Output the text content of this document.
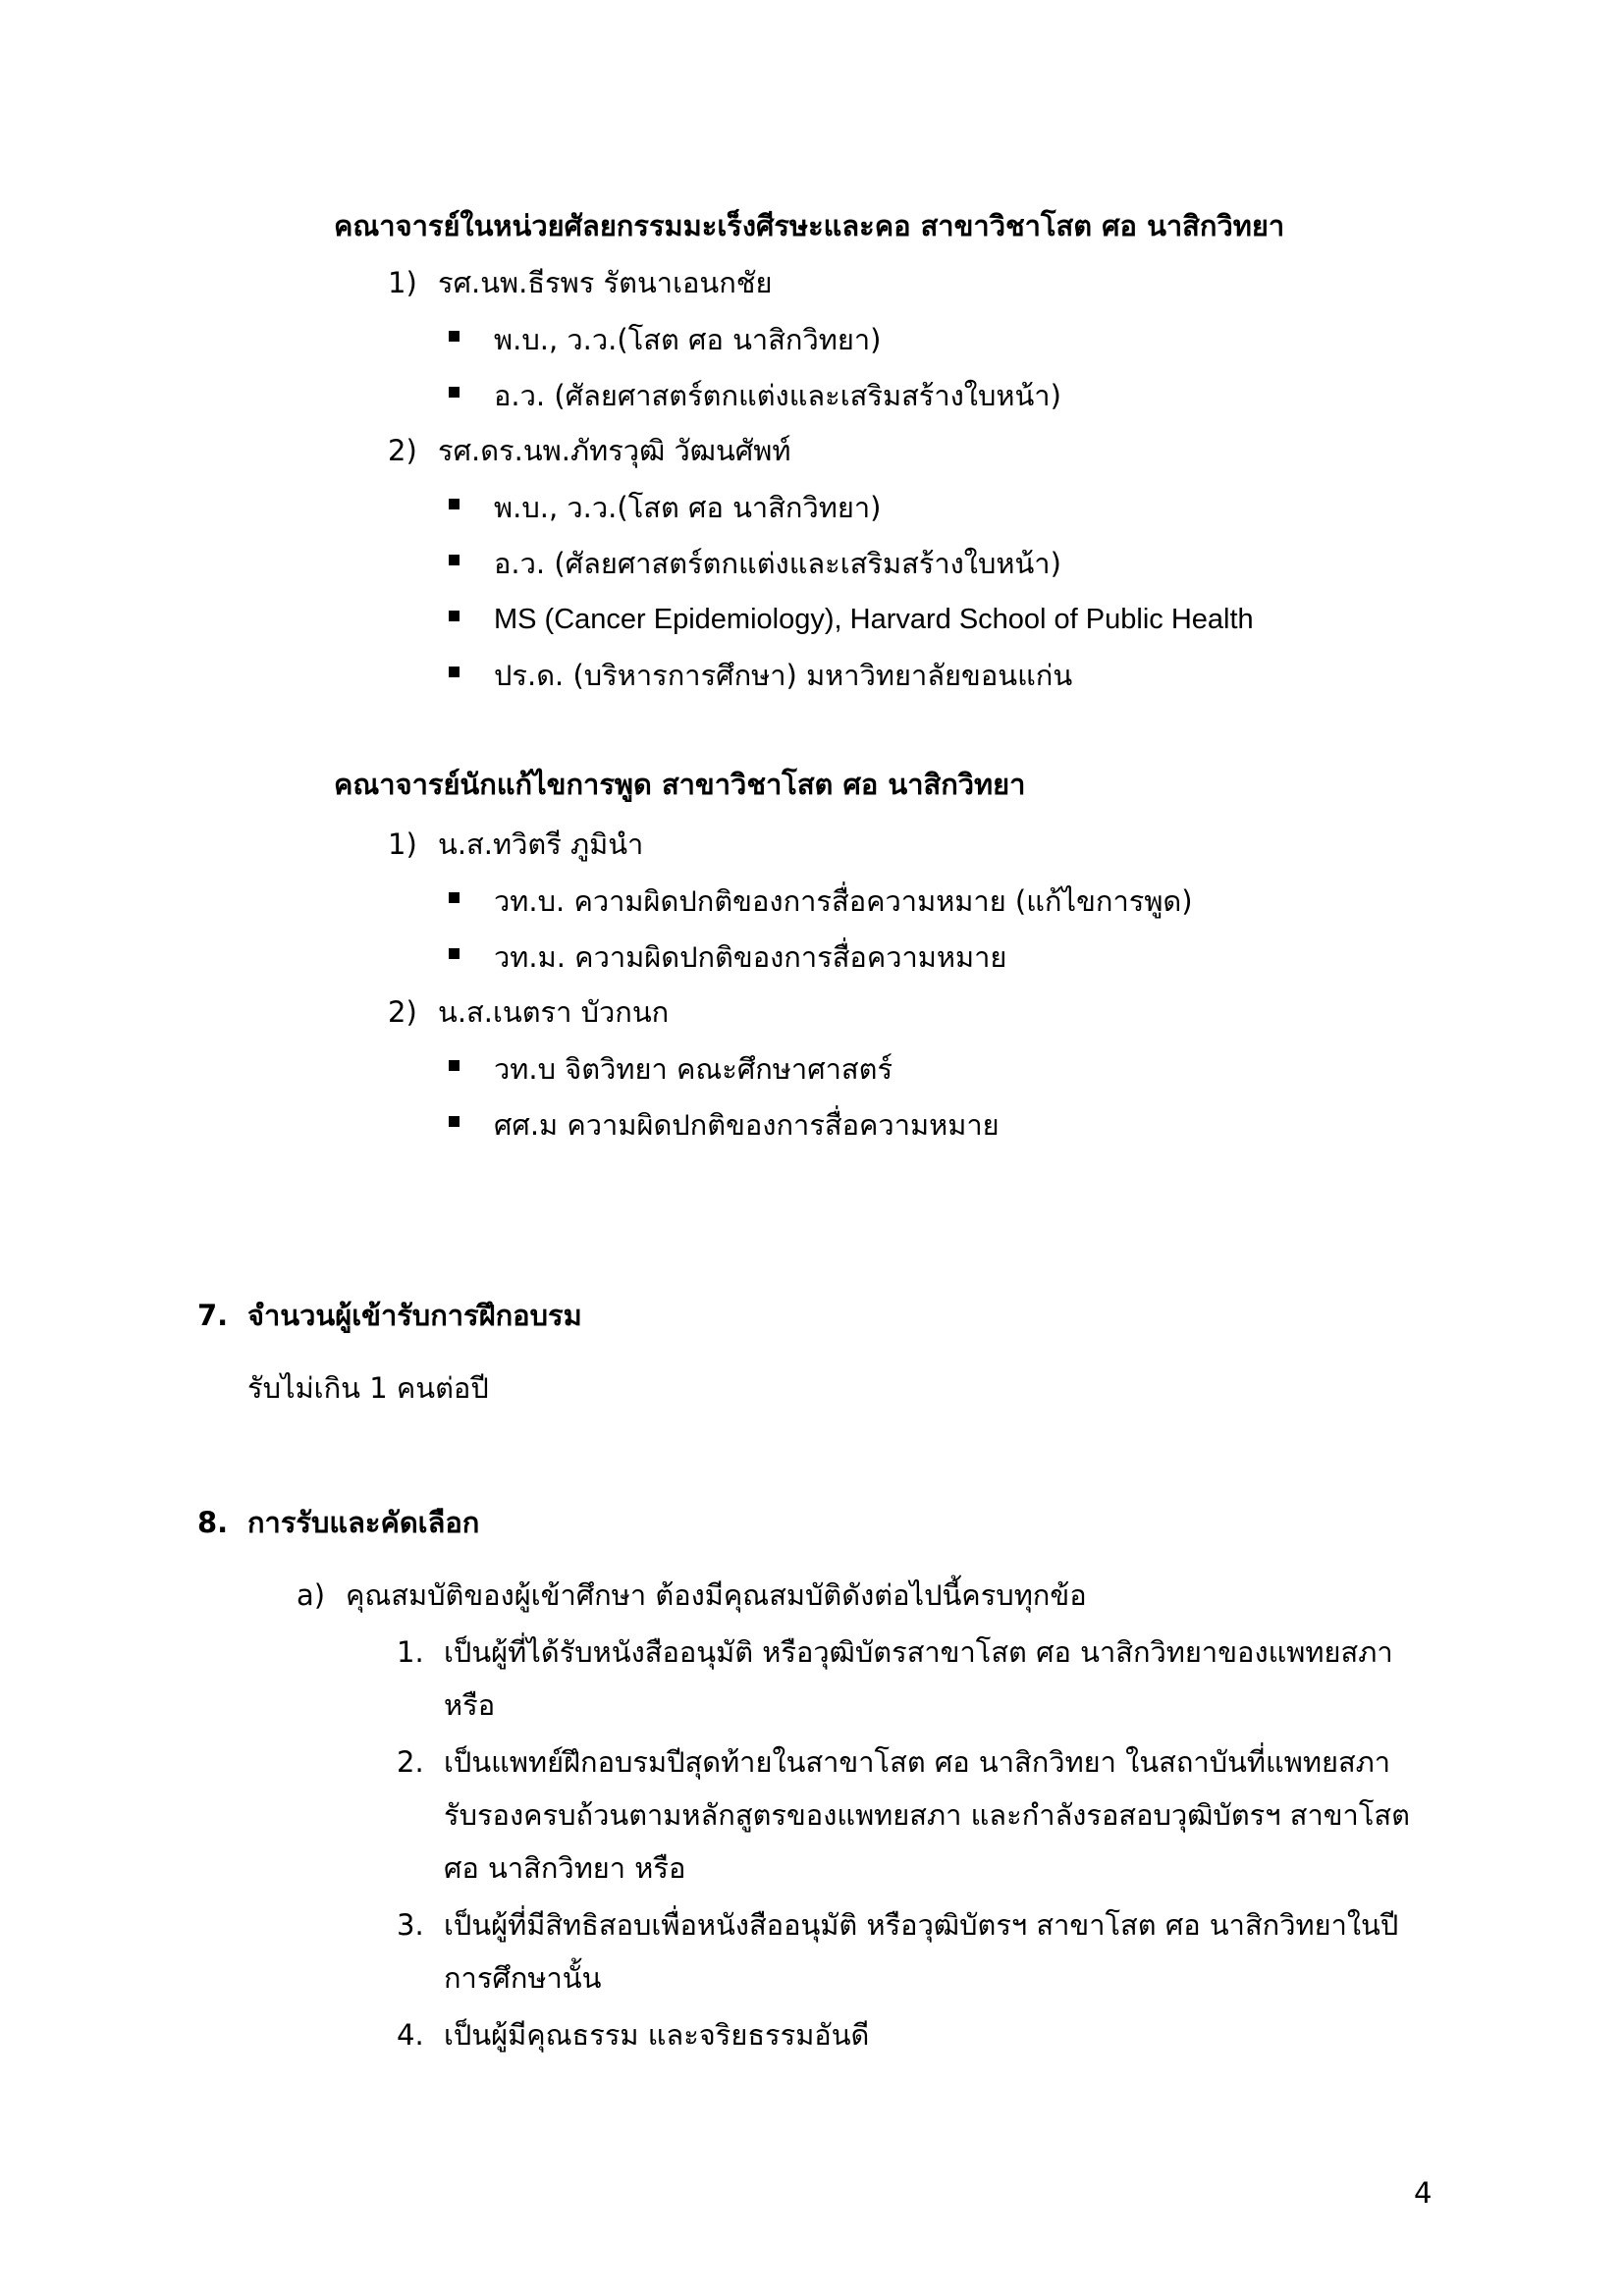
คณาจารย์ในหน่วยศัลยกรรมมะเร็งศีรษะและคอ สาขาวิชาโสต ศอ นาสิกวิทยา
1) รศ.นพ.ธีรพร รัตนาเอนกชัย
พ.บ., ว.ว.(โสต ศอ นาสิกวิทยา)
อ.ว. (ศัลยศาสตร์ตกแต่งและเสริมสร้างใบหน้า)
2) รศ.ดร.นพ.ภัทรวุฒิ วัฒนศัพท์
พ.บ., ว.ว.(โสต ศอ นาสิกวิทยา)
อ.ว. (ศัลยศาสตร์ตกแต่งและเสริมสร้างใบหน้า)
MS (Cancer Epidemiology), Harvard School of Public Health
ปร.ด. (บริหารการศึกษา) มหาวิทยาลัยขอนแก่น
คณาจารย์นักแก้ไขการพูด สาขาวิชาโสต ศอ นาสิกวิทยา
1) น.ส.ทวิตรี ภูมินำ
วท.บ. ความผิดปกติของการสื่อความหมาย (แก้ไขการพูด)
วท.ม. ความผิดปกติของการสื่อความหมาย
2) น.ส.เนตรา บัวกนก
วท.บ จิตวิทยา คณะศึกษาศาสตร์
ศศ.ม ความผิดปกติของการสื่อความหมาย
7. จำนวนผู้เข้ารับการฝึกอบรม
รับไม่เกิน 1 คนต่อปี
8. การรับและคัดเลือก
a) คุณสมบัติของผู้เข้าศึกษา ต้องมีคุณสมบัติดังต่อไปนี้ครบทุกข้อ
1. เป็นผู้ที่ได้รับหนังสืออนุมัติ หรือวุฒิบัตรสาขาโสต ศอ นาสิกวิทยาของแพทยสภา
หรือ
2. เป็นแพทย์ฝึกอบรมปีสุดท้ายในสาขาโสต ศอ นาสิกวิทยา ในสถาบันที่แพทยสภา
รับรองครบถ้วนตามหลักสูตรของแพทยสภา และกำลังรอสอบวุฒิบัตรฯ สาขาโสต
ศอ นาสิกวิทยา หรือ
3. เป็นผู้ที่มีสิทธิสอบเพื่อหนังสืออนุมัติ หรือวุฒิบัตรฯ สาขาโสต ศอ นาสิกวิทยาในปี
การศึกษานั้น
4. เป็นผู้มีคุณธรรม และจริยธรรมอันดี
4
